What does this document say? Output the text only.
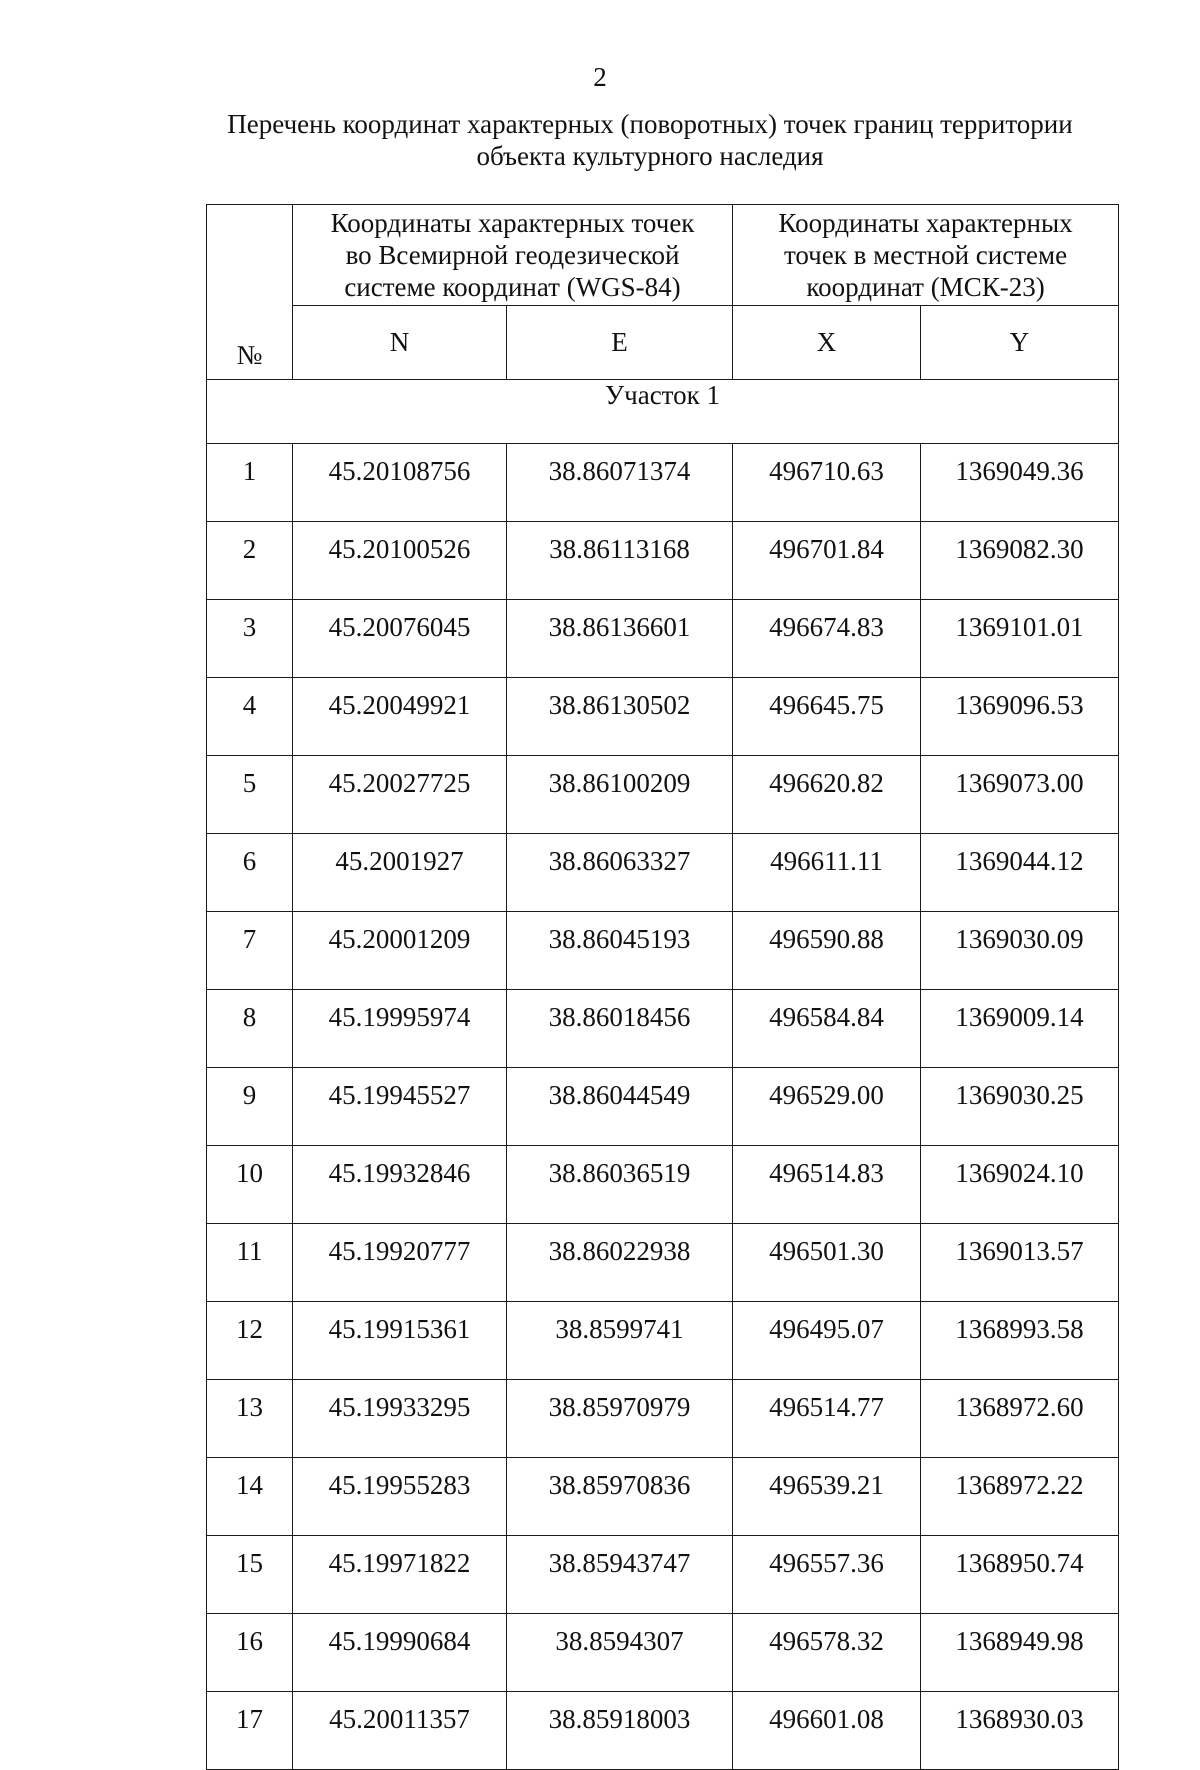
2
Перечень координат характерных (поворотных) точек границ территории
объекта культурного наследия
№	Координаты характерных точек
во Всемирной геодезической
системе координат (WGS-84)		Координаты характерных
точек в местной системе
координат (МСК-23)	

	N	E	X	Y
Участок 1				
1	45.20108756	38.86071374	496710.63	1369049.36
2	45.20100526	38.86113168	496701.84	1369082.30
3	45.20076045	38.86136601	496674.83	1369101.01
4	45.20049921	38.86130502	496645.75	1369096.53
5	45.20027725	38.86100209	496620.82	1369073.00
6	45.2001927	38.86063327	496611.11	1369044.12
7	45.20001209	38.86045193	496590.88	1369030.09
8	45.19995974	38.86018456	496584.84	1369009.14
9	45.19945527	38.86044549	496529.00	1369030.25
10	45.19932846	38.86036519	496514.83	1369024.10
11	45.19920777	38.86022938	496501.30	1369013.57
12	45.19915361	38.8599741	496495.07	1368993.58
13	45.19933295	38.85970979	496514.77	1368972.60
14	45.19955283	38.85970836	496539.21	1368972.22
15	45.19971822	38.85943747	496557.36	1368950.74
16	45.19990684	38.8594307	496578.32	1368949.98
17	45.20011357	38.85918003	496601.08	1368930.03
